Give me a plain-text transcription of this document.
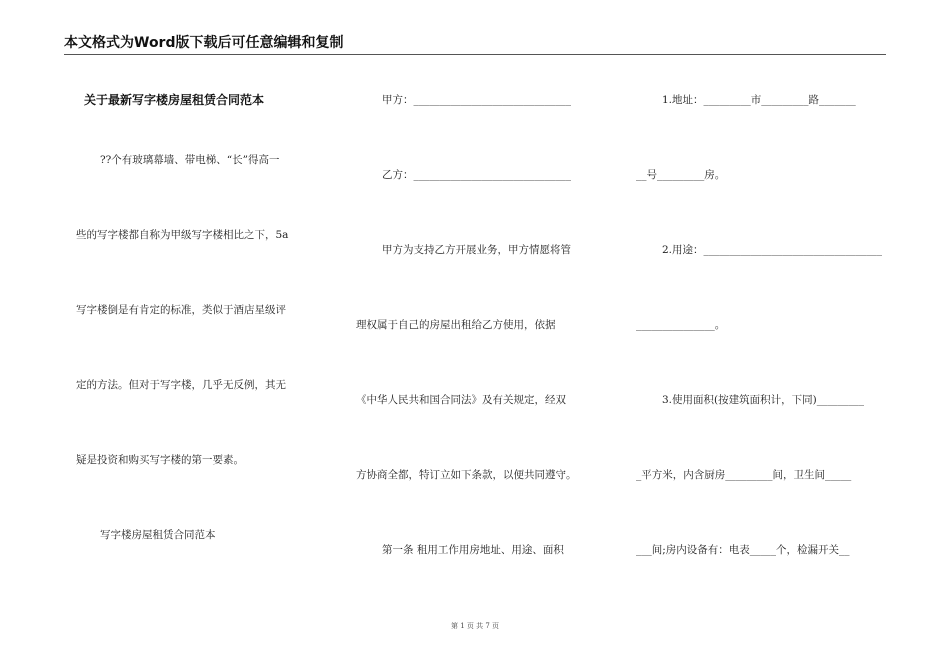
本文格式为Word版下载后可任意编辑和复制
关于最新写字楼房屋租赁合同范本
??个有玻璃幕墙、带电梯、“长”得高一
些的写字楼都自称为甲级写字楼相比之下，5a
写字楼倒是有肯定的标准，类似于酒店星级评
定的方法。但对于写字楼，几乎无反例，其无
疑是投资和购买写字楼的第一要素。
写字楼房屋租赁合同范本
甲方：______________________________
乙方：______________________________
甲方为支持乙方开展业务，甲方情愿将管
理权属于自己的房屋出租给乙方使用，依据
《中华人民共和国合同法》及有关规定，经双
方协商全都，特订立如下条款，以便共同遵守。
第一条 租用工作用房地址、用途、面积
1.地址：_________市_________路_______
__号_________房。
2.用途：__________________________________
_______________。
3.使用面积(按建筑面积计，下同)_________
_平方米，内含厨房_________间，卫生间_____
___间;房内设备有：电表_____个，检漏开关__
第 1 页 共 7 页
